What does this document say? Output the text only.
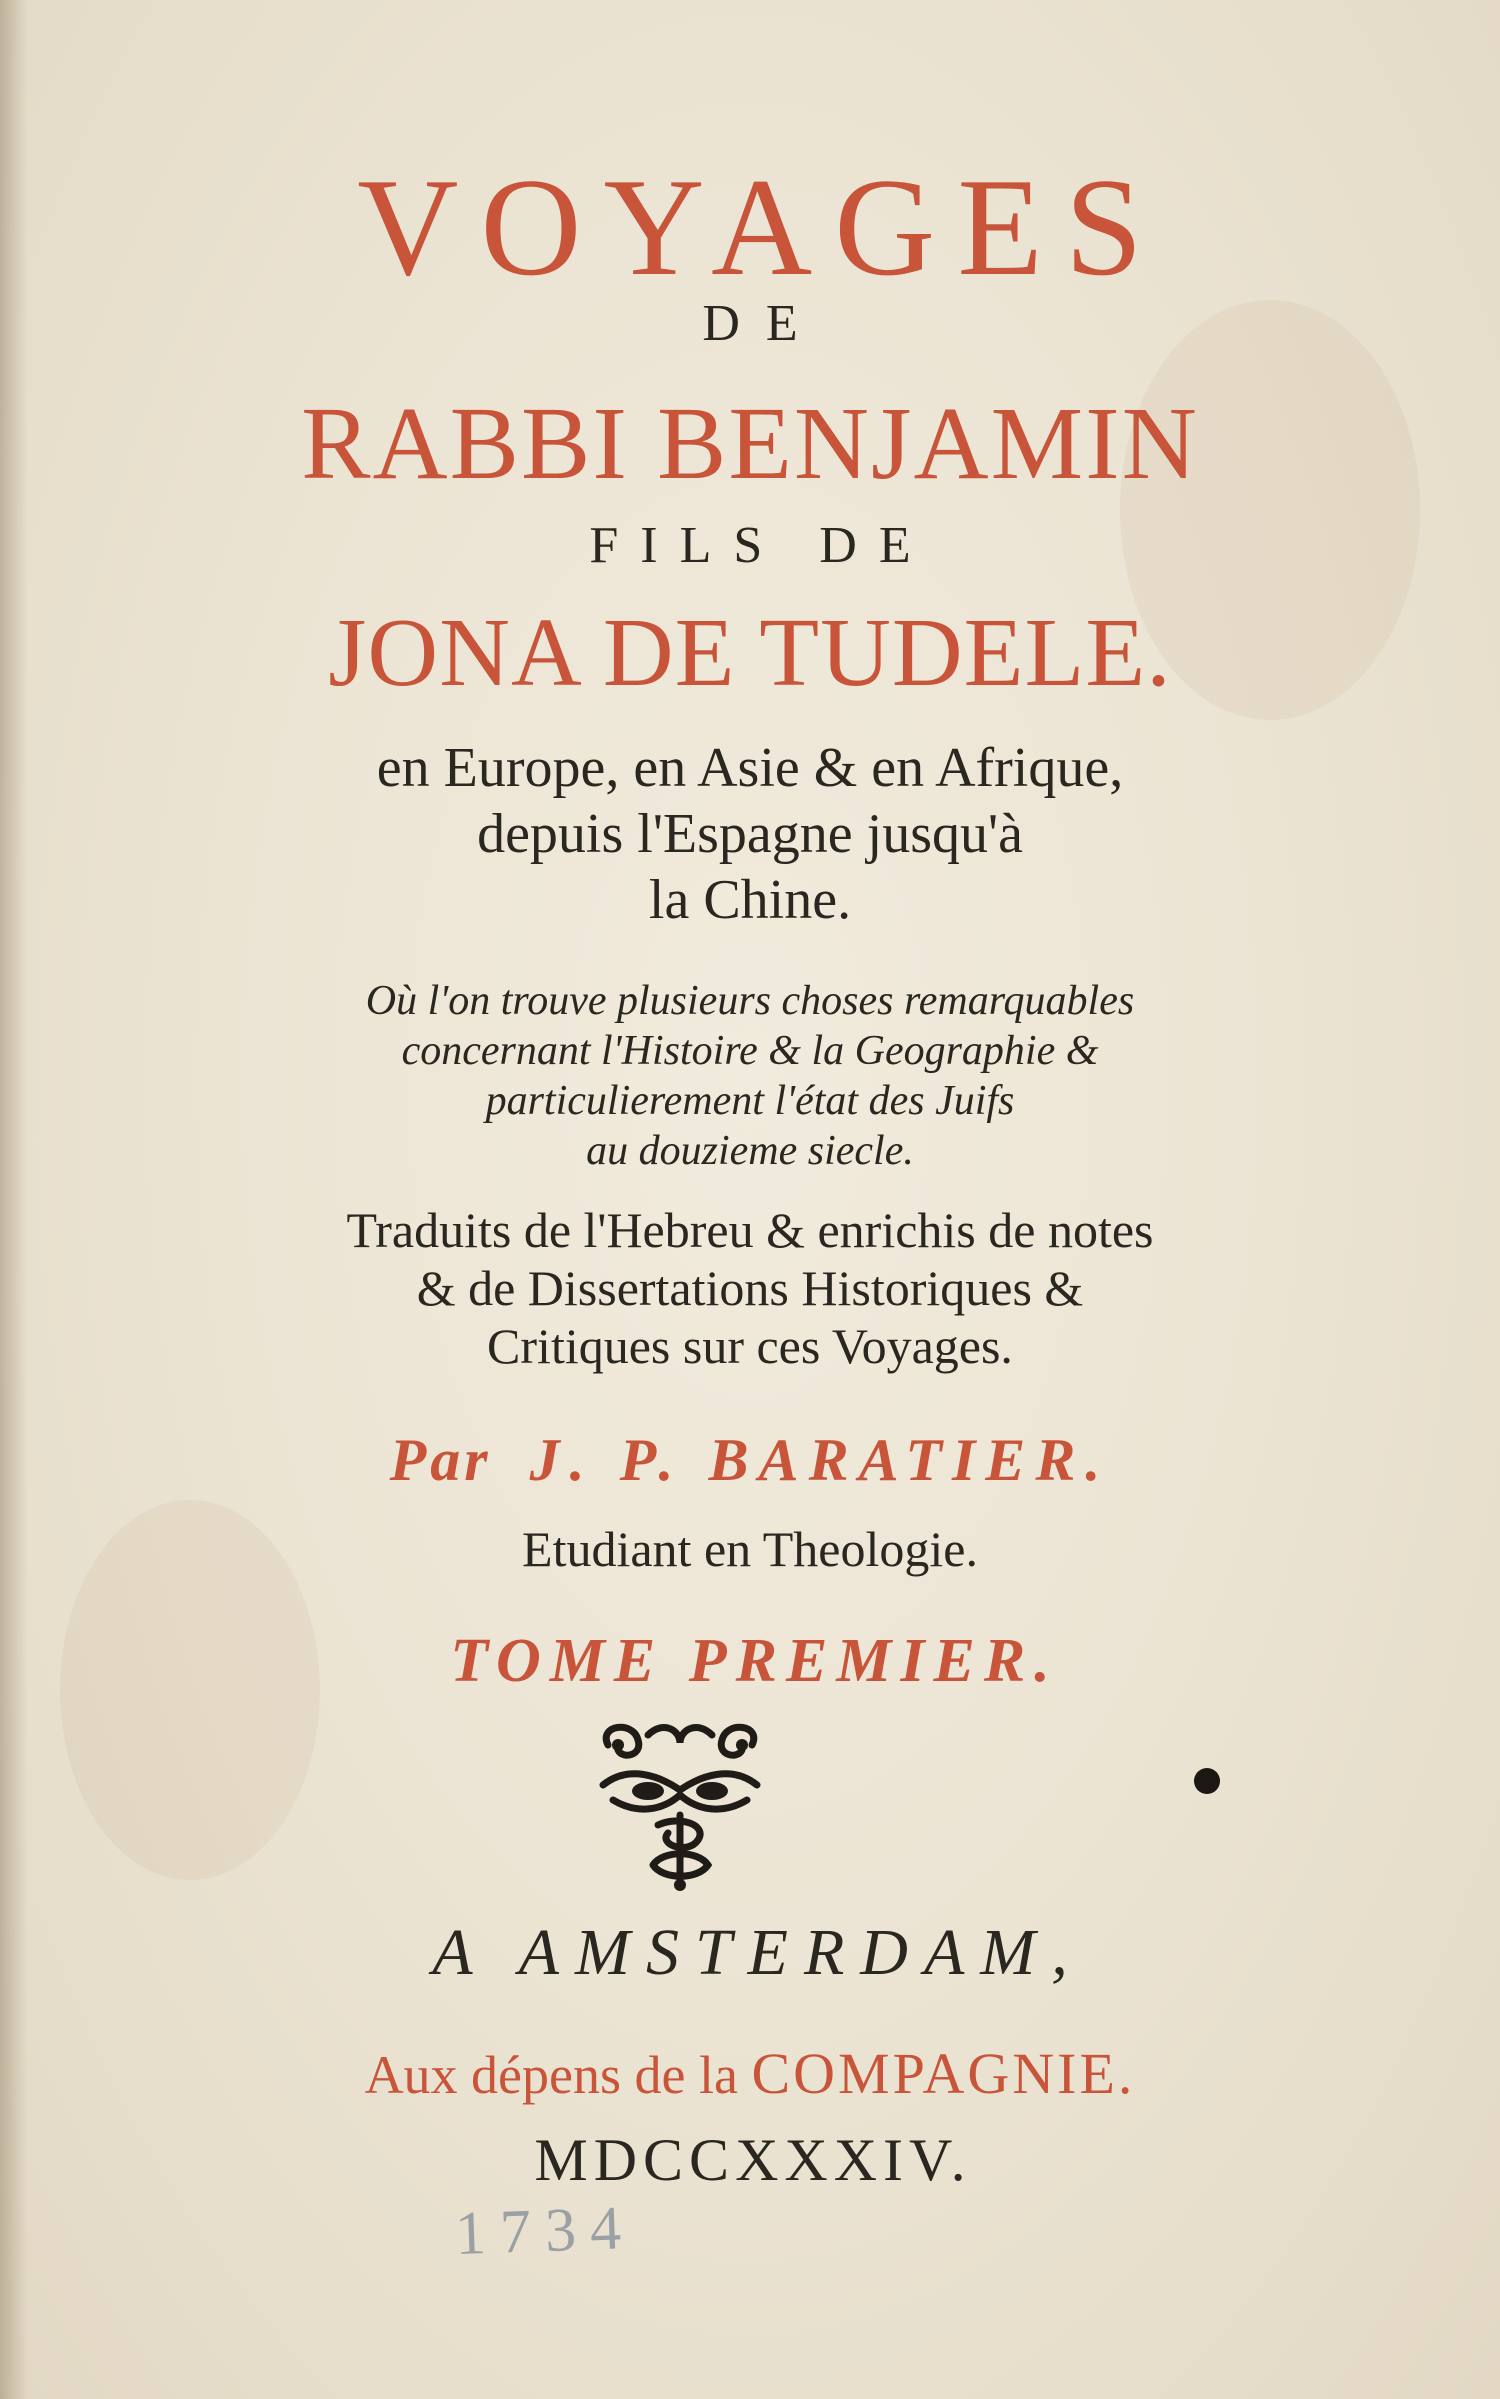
VOYAGES

DE

RABBI BENJAMIN

FILS DE

JONA DE TUDELE.

en Europe, en Asie & en Afrique,

depuis l'Espagne jusqu'à

la Chine.

Où l'on trouve plusieurs choses remarquables

concernant l'Histoire & la Geographie &

particulierement l'état des Juifs

au douzieme siecle.

Traduits de l'Hebreu & enrichis de notes

& de Dissertations Historiques &

Critiques sur ces Voyages.

Par J. P. BARATIER.

Etudiant en Theologie.

TOME PREMIER.

A AMSTERDAM,

Aux dépens de la COMPAGNIE.

MDCCXXXIV.

1734
